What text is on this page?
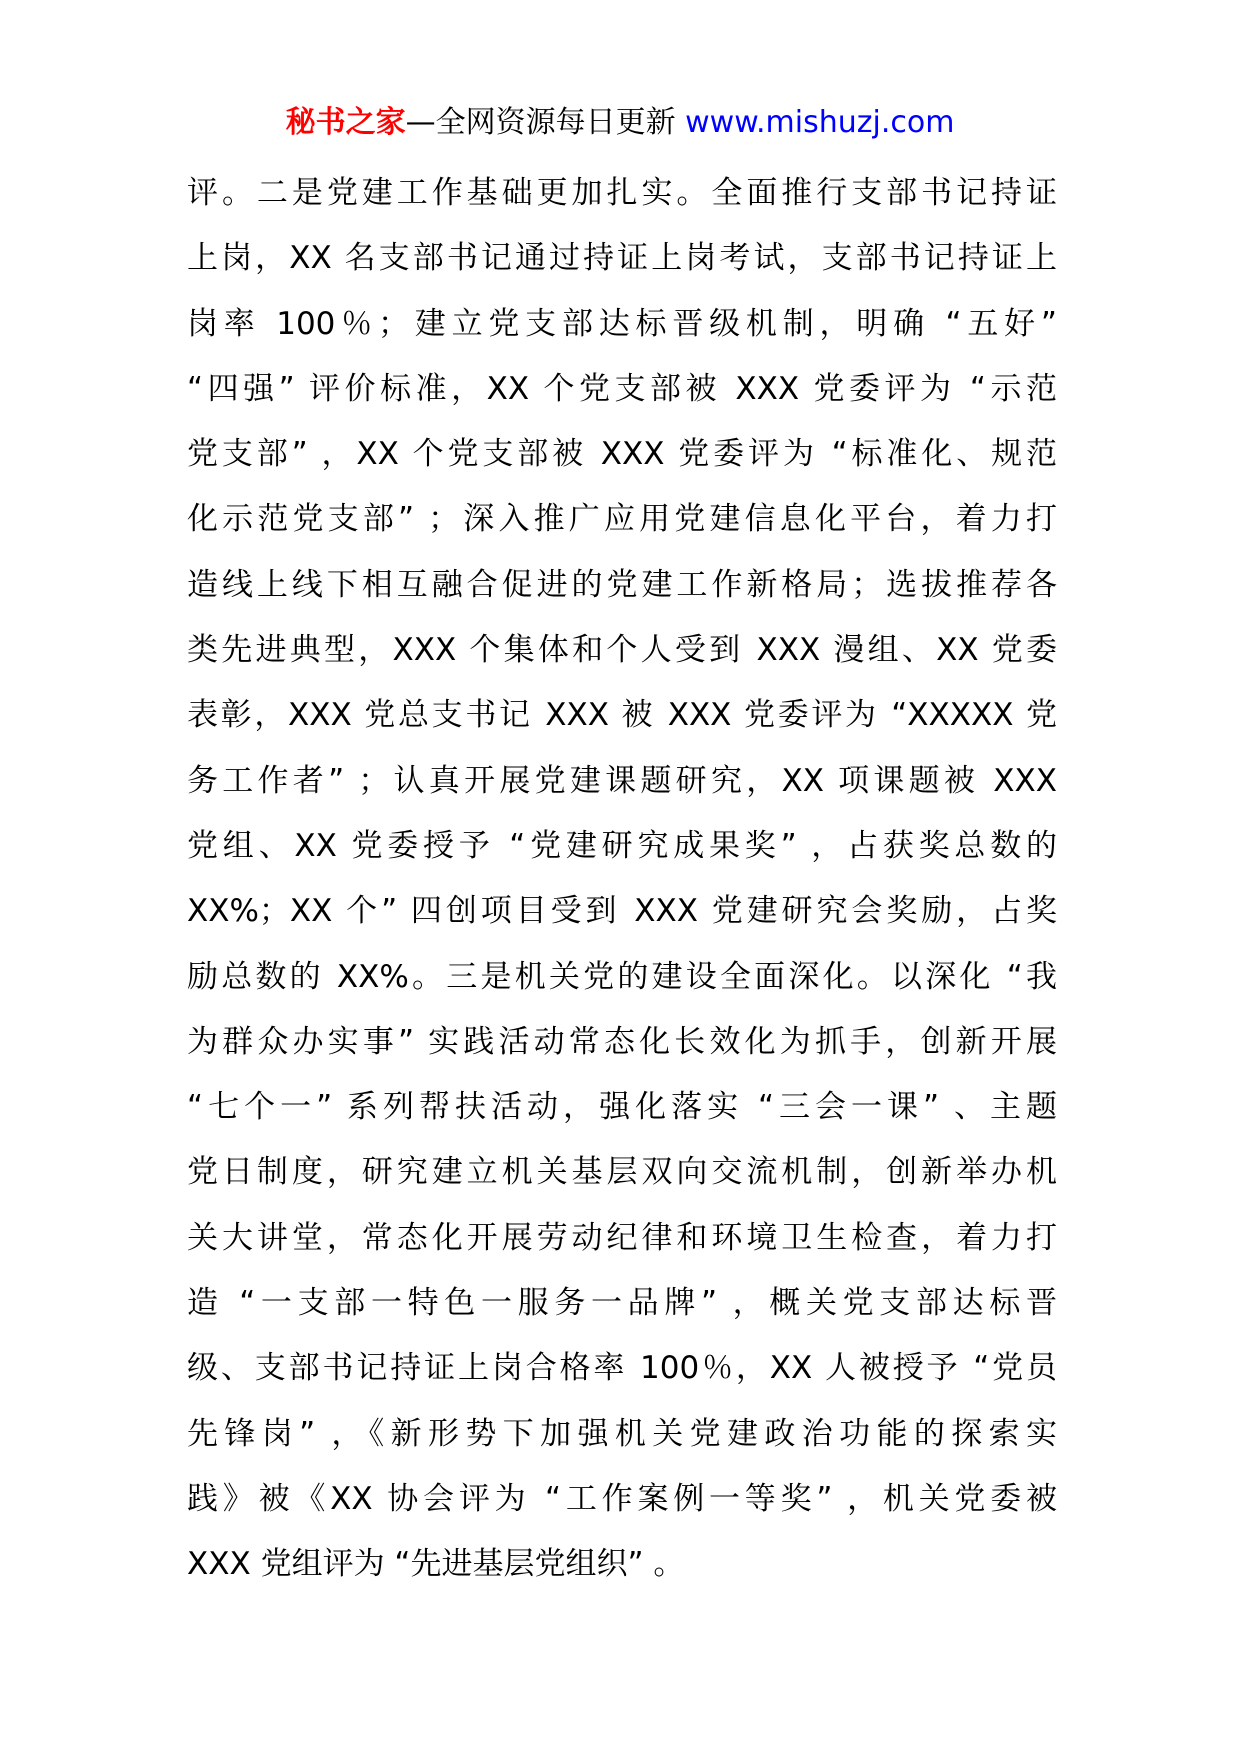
秘书之家—全网资源每日更新 www.mishuzj.com
评。二是党建工作基础更加扎实。全面推行支部书记持证
上岗，XX 名支部书记通过持证上岗考试，支部书记持证上
岗率 100％；建立党支部达标晋级机制，明确 “五好”
“四强” 评价标准，XX 个党支部被 XXX 党委评为 “示范
党支部” ，XX 个党支部被 XXX 党委评为 “标准化、规范
化示范党支部” ；深入推广应用党建信息化平台，着力打
造线上线下相互融合促进的党建工作新格局；选拔推荐各
类先进典型，XXX 个集体和个人受到 XXX 漫组、XX 党委
表彰，XXX 党总支书记 XXX 被 XXX 党委评为 “XXXXX 党
务工作者” ；认真开展党建课题研究，XX 项课题被 XXX
党组、XX 党委授予 “党建研究成果奖” ，占获奖总数的
XX%；XX 个” 四创项目受到 XXX 党建研究会奖励，占奖
励总数的 XX%。三是机关党的建设全面深化。以深化 “我
为群众办实事” 实践活动常态化长效化为抓手，创新开展
“七个一” 系列帮扶活动，强化落实 “三会一课” 、主题
党日制度，研究建立机关基层双向交流机制，创新举办机
关大讲堂，常态化开展劳动纪律和环境卫生检查，着力打
造 “一支部一特色一服务一品牌” ，概关党支部达标晋
级、支部书记持证上岗合格率 100％，XX 人被授予 “党员
先锋岗” ，《新形势下加强机关党建政治功能的探索实
践》被《XX 协会评为 “工作案例一等奖” ，机关党委被
XXX 党组评为 “先进基层党组织” 。
